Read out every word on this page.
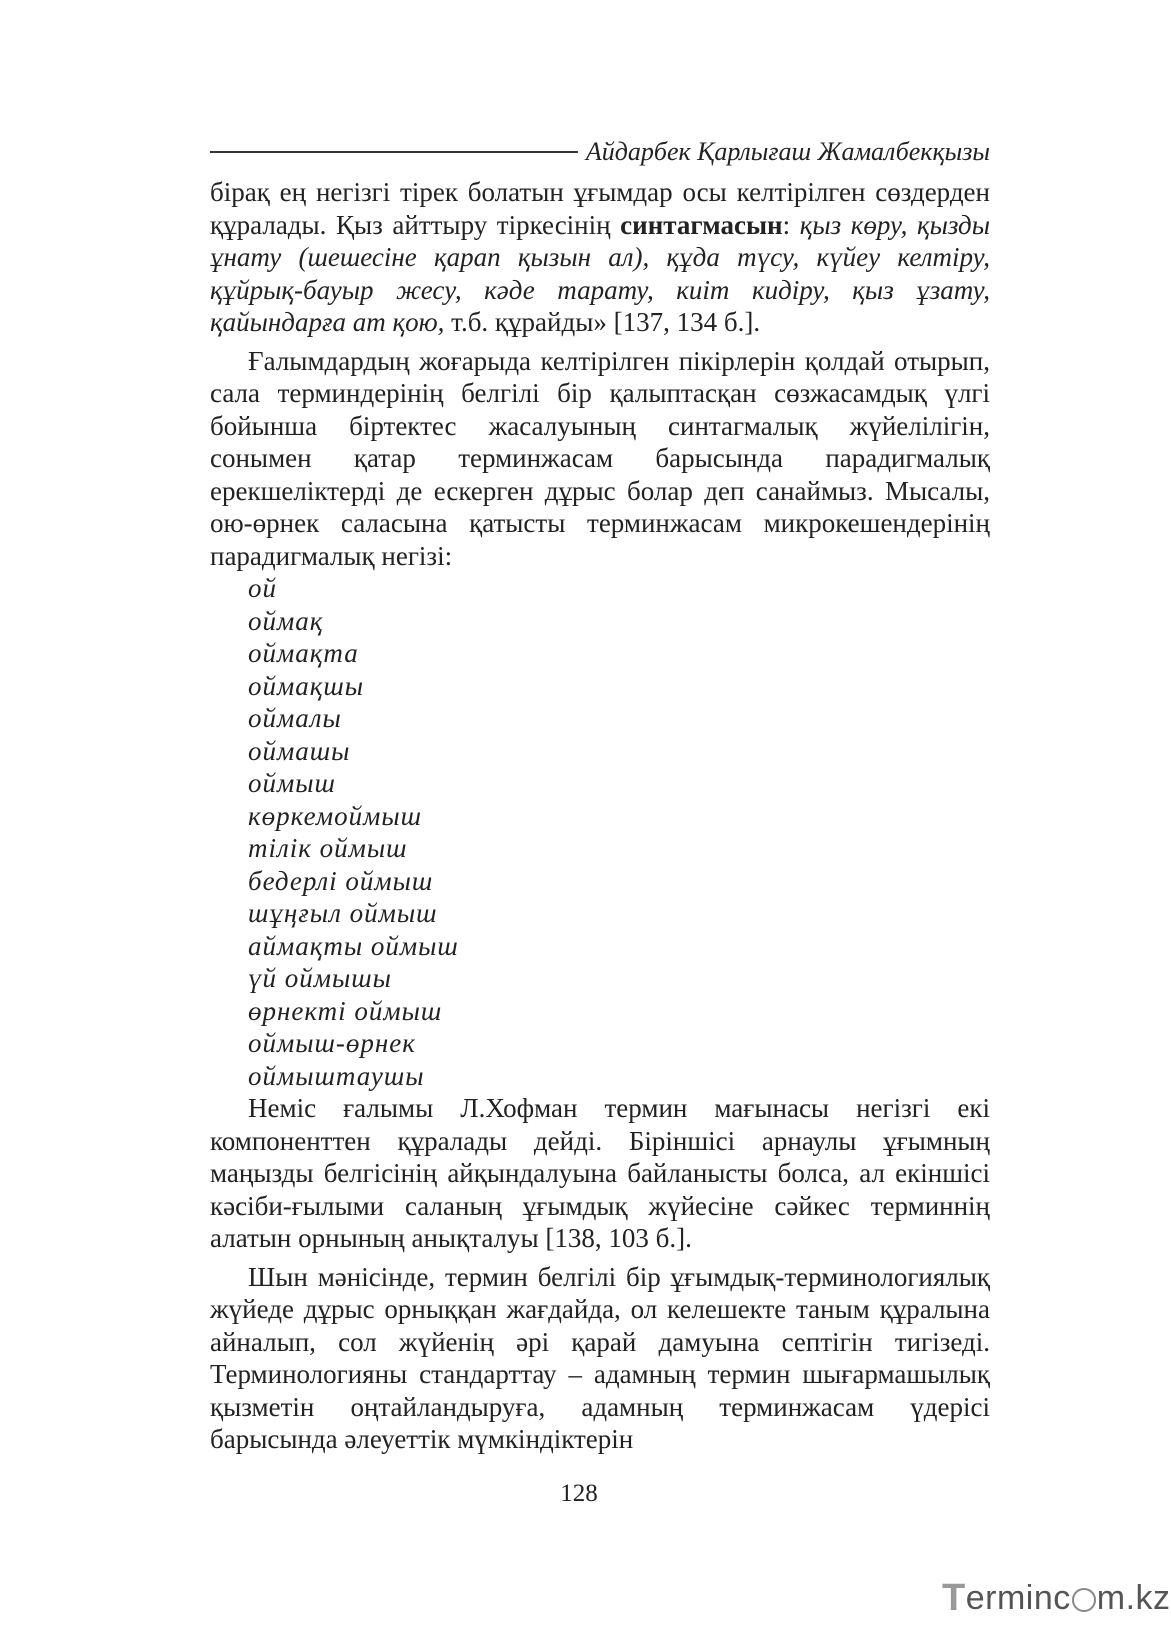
Айдарбек Қарлығаш Жамалбекқызы

бірақ ең негізгі тірек болатын ұғымдар осы келтірілген сөздерден құралады. Қыз айттыру тіркесінің синтагмасын: қыз көру, қызды ұнату (шешесіне қарап қызын ал), құда түсу, күйеу келтіру, құйрық-бауыр жесу, кәде тарату, киіт кидіру, қыз ұзату, қайындарға ат қою, т.б. құрайды» [137, 134 б.].

Ғалымдардың жоғарыда келтірілген пікірлерін қолдай отырып, сала терминдерінің белгілі бір қалыптасқан сөзжасамдық үлгі бойынша біртектес жасалуының синтагмалық жүйелілігін, сонымен қатар терминжасам барысында парадигмалық ерекшеліктерді де ескерген дұрыс болар деп санаймыз. Мысалы, ою-өрнек саласына қатысты терминжасам микрокешендерінің парадигмалық негізі:

ой
оймақ
оймақта
оймақшы
оймалы
оймашы
оймыш
көркемоймыш
тілік оймыш
бедерлі оймыш
шұңғыл оймыш
аймақты оймыш
үй оймышы
өрнекті оймыш
оймыш-өрнек
оймыштаушы

Неміс ғалымы Л.Хофман термин мағынасы негізгі екі компоненттен құралады дейді. Біріншісі арнаулы ұғымның маңызды белгісінің айқындалуына байланысты болса, ал екіншісі кәсіби-ғылыми саланың ұғымдық жүйесіне сәйкес терминнің алатын орнының анықталуы [138, 103 б.].

Шын мәнісінде, термин белгілі бір ұғымдық-терминологиялық жүйеде дұрыс орныққан жағдайда, ол келешекте таным құралына айналып, сол жүйенің әрі қарай дамуына септігін тигізеді. Терминологияны стандарттау – адамның термин шығармашылық қызметін оңтайландыруға, адамның терминжасам үдерісі барысында әлеуеттік мүмкіндіктерін

128
T erminc m.kz
